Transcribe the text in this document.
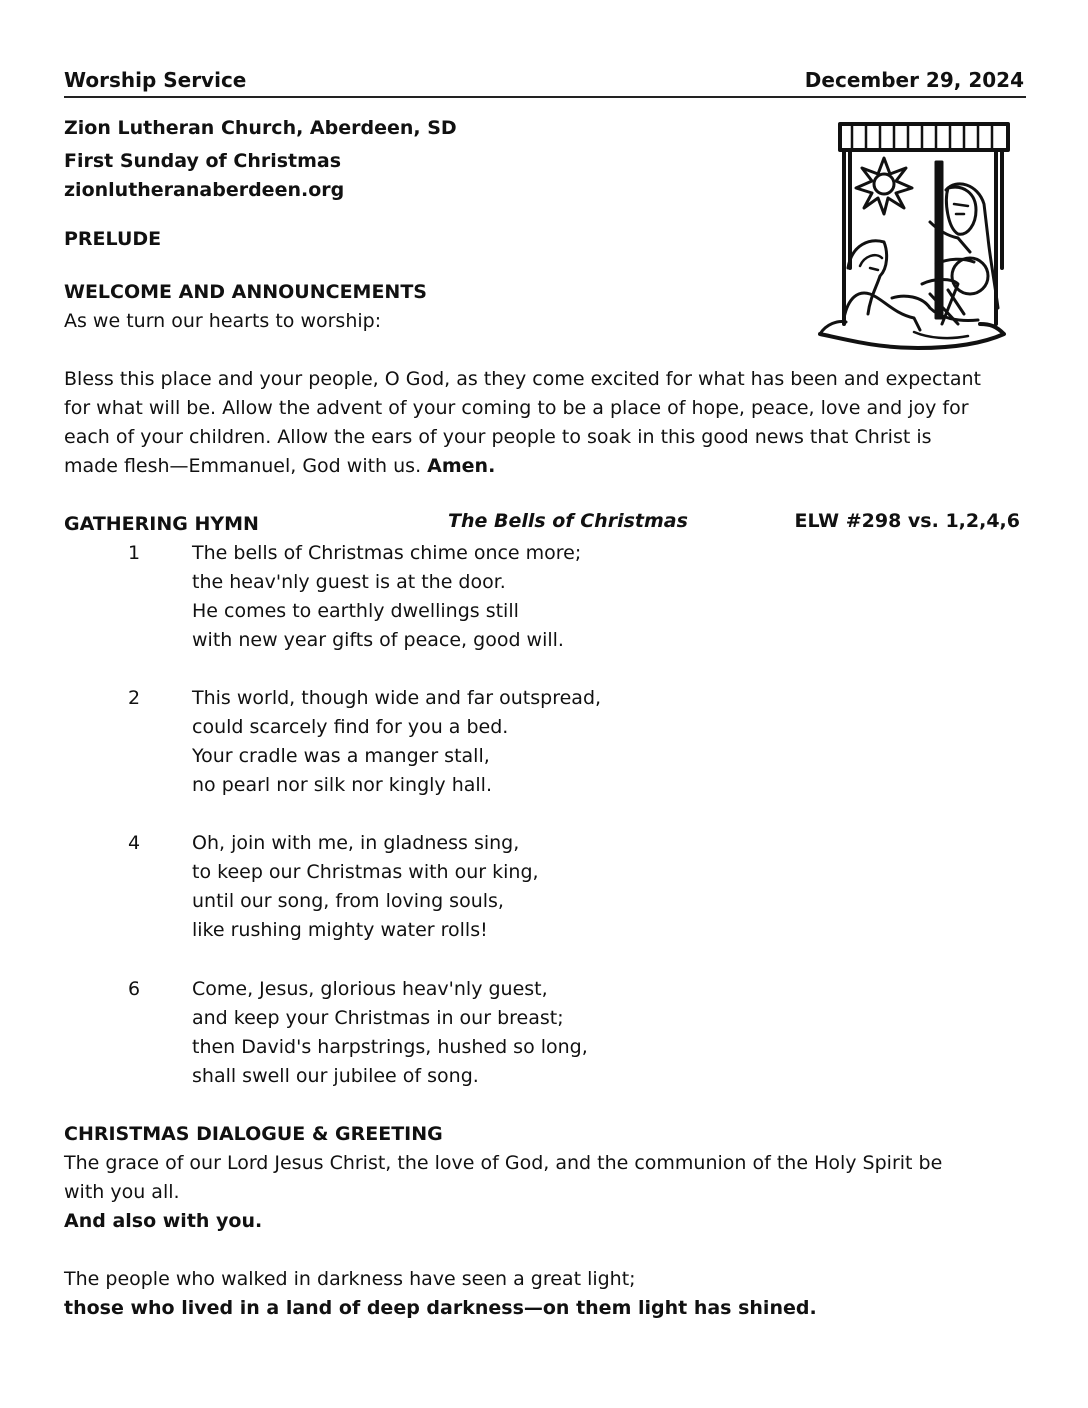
Worship Service	December 29, 2024
Zion Lutheran Church, Aberdeen, SD
First Sunday of Christmas
zionlutheranaberdeen.org
PRELUDE
WELCOME AND ANNOUNCEMENTS
As we turn our hearts to worship:
Bless this place and your people, O God, as they come excited for what has been and expectant
for what will be. Allow the advent of your coming to be a place of hope, peace, love and joy for
each of your children. Allow the ears of your people to soak in this good news that Christ is
made flesh—Emmanuel, God with us. Amen.
GATHERING HYMN	The Bells of Christmas	ELW #298 vs. 1,2,4,6
1	The bells of Christmas chime once more;
the heav'nly guest is at the door.
He comes to earthly dwellings still
with new year gifts of peace, good will.
2	This world, though wide and far outspread,
could scarcely find for you a bed.
Your cradle was a manger stall,
no pearl nor silk nor kingly hall.
4	Oh, join with me, in gladness sing,
to keep our Christmas with our king,
until our song, from loving souls,
like rushing mighty water rolls!
6	Come, Jesus, glorious heav'nly guest,
and keep your Christmas in our breast;
then David's harpstrings, hushed so long,
shall swell our jubilee of song.
CHRISTMAS DIALOGUE & GREETING
The grace of our Lord Jesus Christ, the love of God, and the communion of the Holy Spirit be
with you all.
And also with you.
The people who walked in darkness have seen a great light;
those who lived in a land of deep darkness—on them light has shined.
